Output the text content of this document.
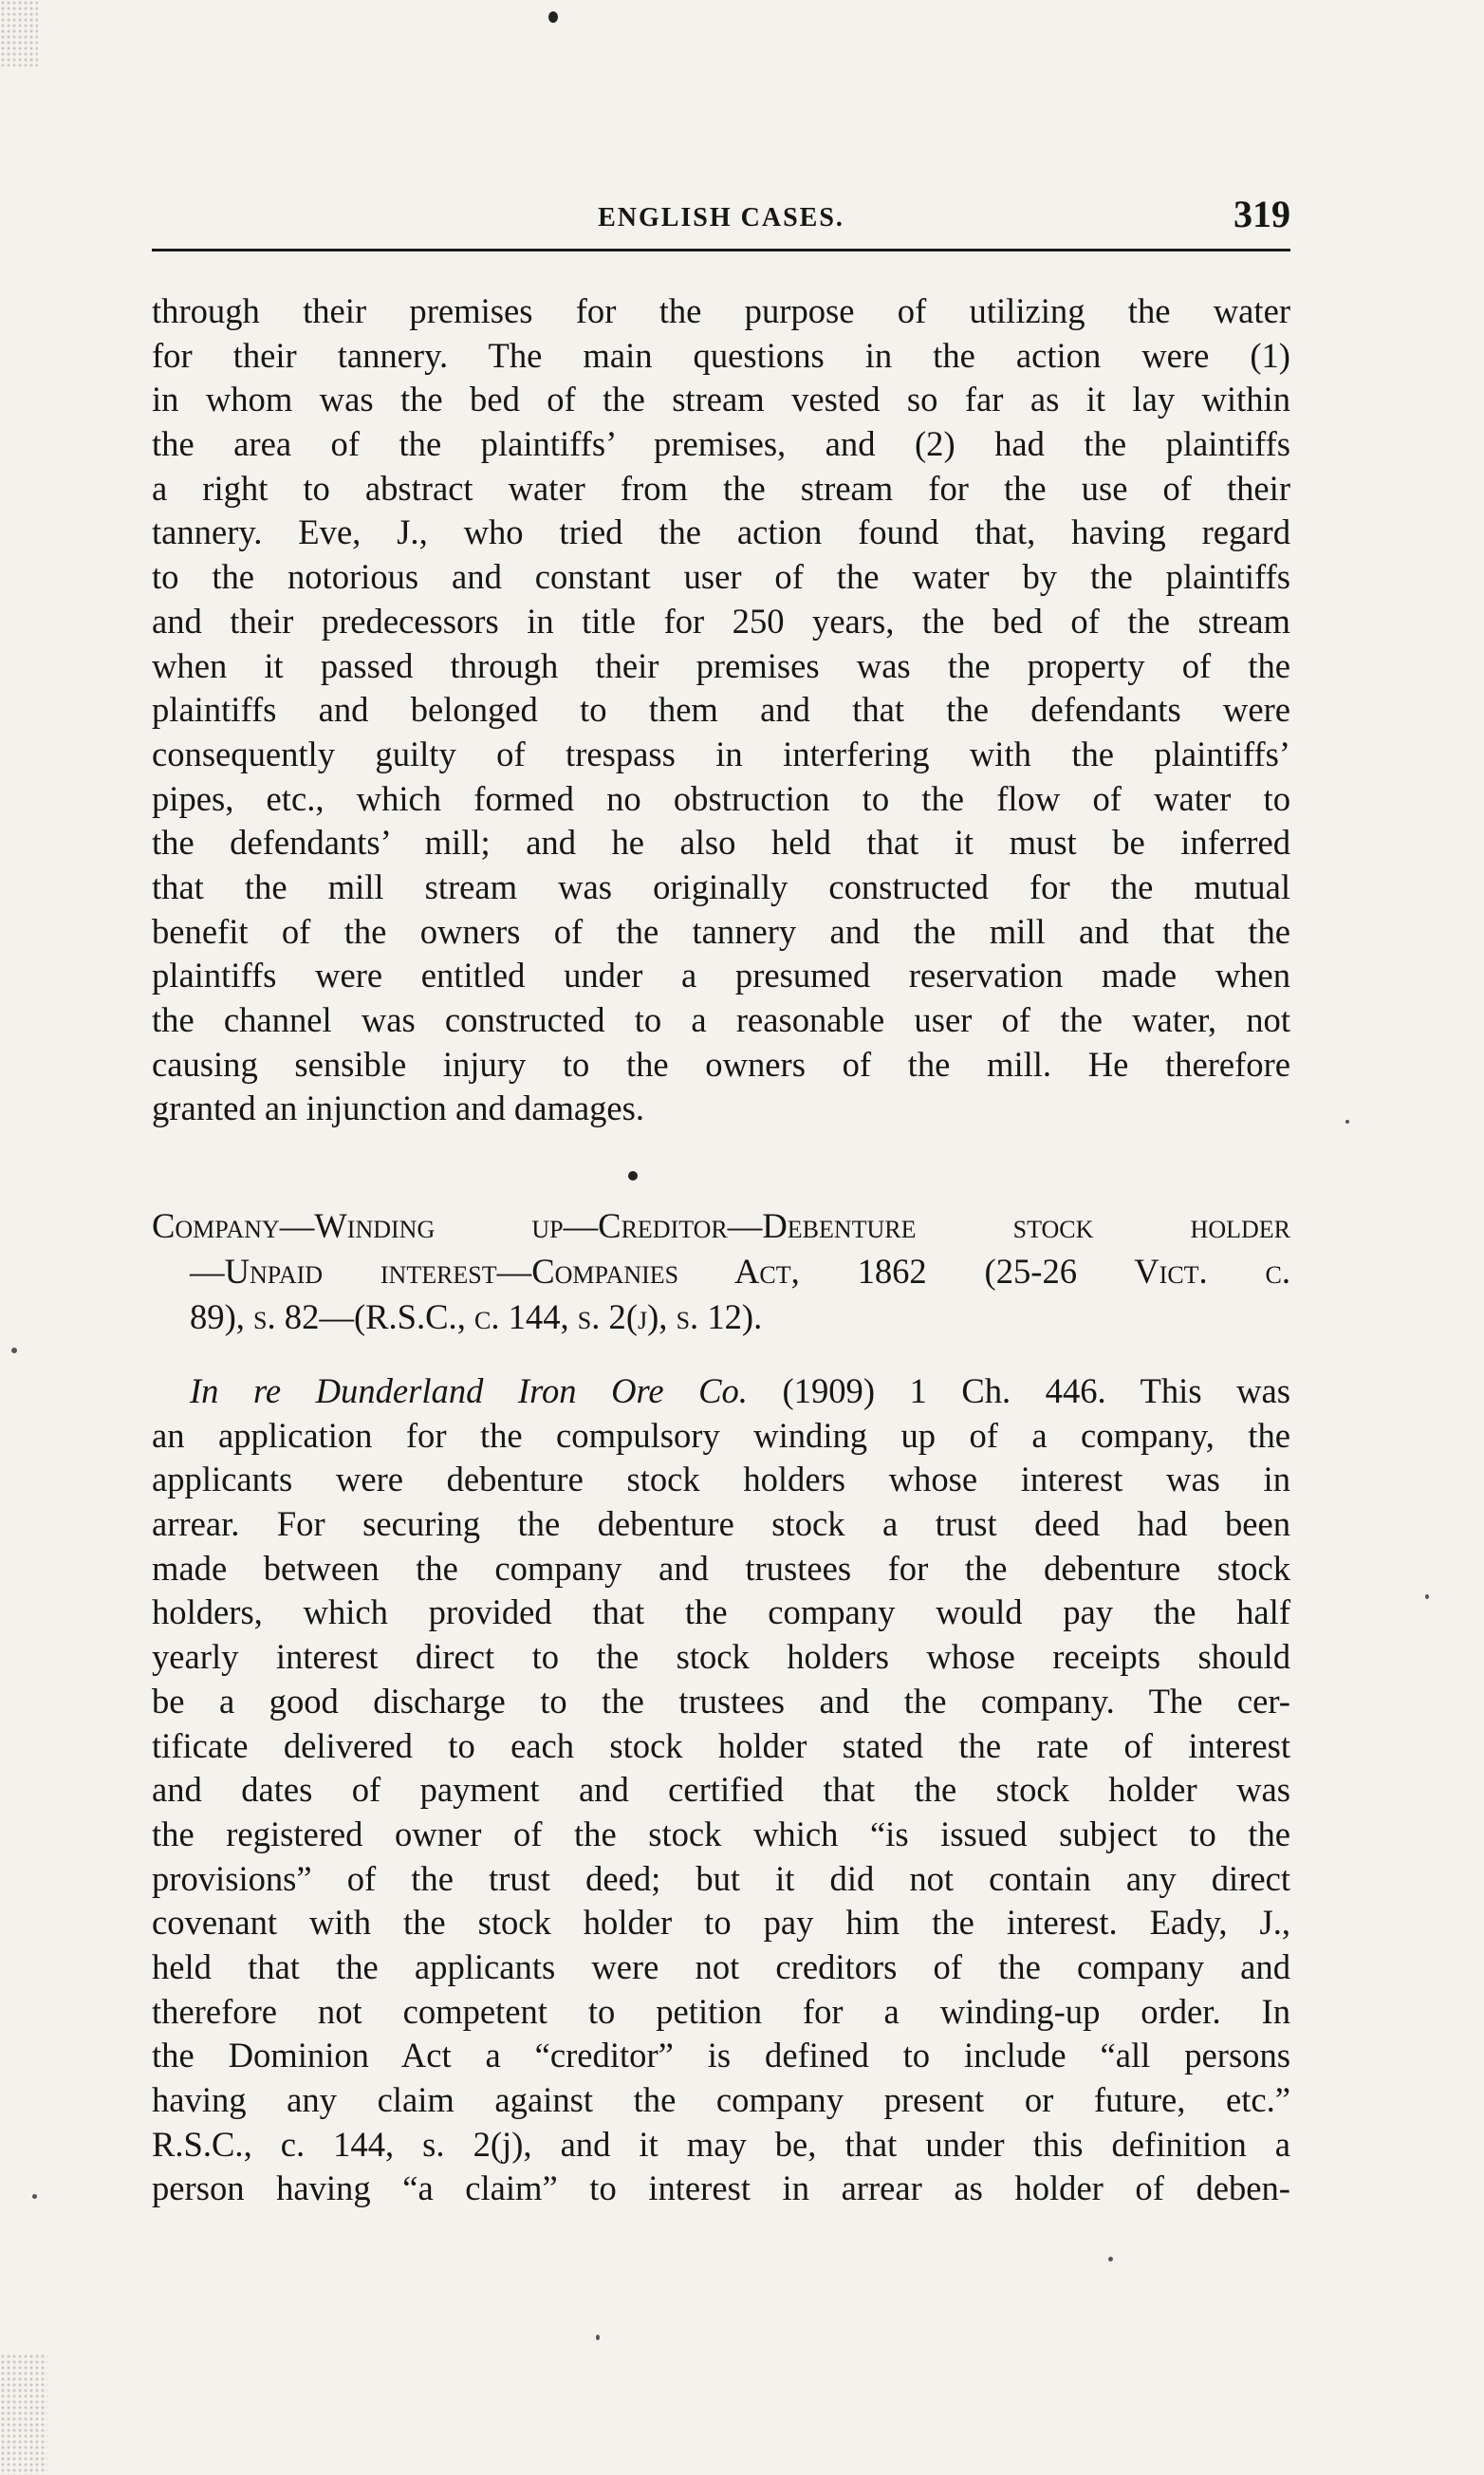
ENGLISH CASES.	319
through their premises for the purpose of utilizing the water
for their tannery. The main questions in the action were (1)
in whom was the bed of the stream vested so far as it lay within
the area of the plaintiffs’ premises, and (2) had the plaintiffs
a right to abstract water from the stream for the use of their
tannery. Eve, J., who tried the action found that, having regard
to the notorious and constant user of the water by the plaintiffs
and their predecessors in title for 250 years, the bed of the stream
when it passed through their premises was the property of the
plaintiffs and belonged to them and that the defendants were
consequently guilty of trespass in interfering with the plaintiffs’
pipes, etc., which formed no obstruction to the flow of water to
the defendants’ mill; and he also held that it must be inferred
that the mill stream was originally constructed for the mutual
benefit of the owners of the tannery and the mill and that the
plaintiffs were entitled under a presumed reservation made when
the channel was constructed to a reasonable user of the water, not
causing sensible injury to the owners of the mill. He therefore
granted an injunction and damages.
Company—Winding up—Creditor—Debenture stock holder
—Unpaid interest—Companies Act, 1862 (25-26 Vict. c.
89), s. 82—(R.S.C., c. 144, s. 2(j), s. 12).
In re Dunderland Iron Ore Co. (1909) 1 Ch. 446. This was
an application for the compulsory winding up of a company, the
applicants were debenture stock holders whose interest was in
arrear. For securing the debenture stock a trust deed had been
made between the company and trustees for the debenture stock
holders, which provided that the company would pay the half
yearly interest direct to the stock holders whose receipts should
be a good discharge to the trustees and the company. The cer-
tificate delivered to each stock holder stated the rate of interest
and dates of payment and certified that the stock holder was
the registered owner of the stock which “is issued subject to the
provisions” of the trust deed; but it did not contain any direct
covenant with the stock holder to pay him the interest. Eady, J.,
held that the applicants were not creditors of the company and
therefore not competent to petition for a winding-up order. In
the Dominion Act a “creditor” is defined to include “all persons
having any claim against the company present or future, etc.”
R.S.C., c. 144, s. 2(j), and it may be, that under this definition a
person having “a claim” to interest in arrear as holder of deben-
